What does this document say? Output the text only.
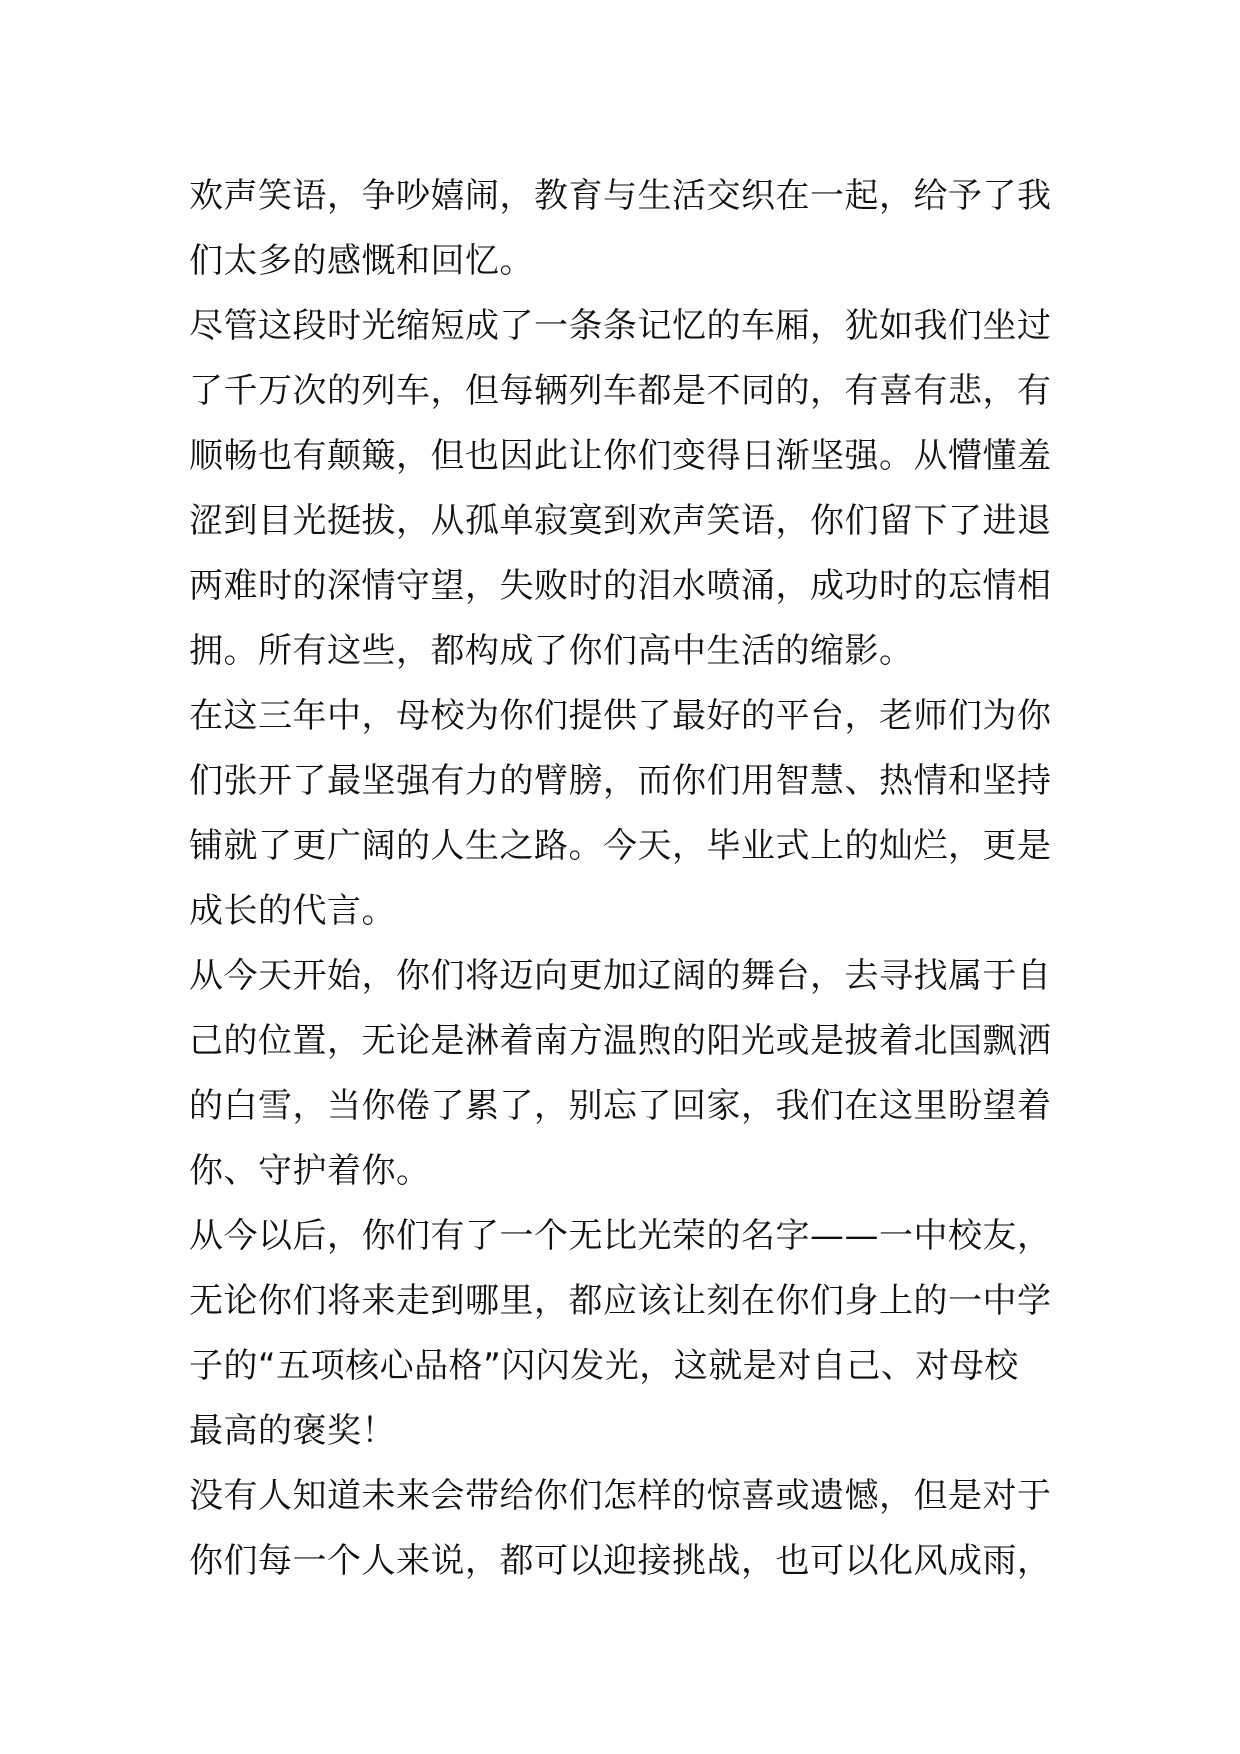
欢声笑语，争吵嬉闹，教育与生活交织在一起，给予了我
们太多的感慨和回忆。
尽管这段时光缩短成了一条条记忆的车厢，犹如我们坐过
了千万次的列车，但每辆列车都是不同的，有喜有悲，有
顺畅也有颠簸，但也因此让你们变得日渐坚强。从懵懂羞
涩到目光挺拔，从孤单寂寞到欢声笑语，你们留下了进退
两难时的深情守望，失败时的泪水喷涌，成功时的忘情相
拥。所有这些，都构成了你们高中生活的缩影。
在这三年中，母校为你们提供了最好的平台，老师们为你
们张开了最坚强有力的臂膀，而你们用智慧、热情和坚持
铺就了更广阔的人生之路。今天，毕业式上的灿烂，更是
成长的代言。
从今天开始，你们将迈向更加辽阔的舞台，去寻找属于自
己的位置，无论是淋着南方温煦的阳光或是披着北国飘洒
的白雪，当你倦了累了，别忘了回家，我们在这里盼望着
你、守护着你。
从今以后，你们有了一个无比光荣的名字——一中校友，
无论你们将来走到哪里，都应该让刻在你们身上的一中学
子的“五项核心品格”闪闪发光，这就是对自己、对母校
最高的褒奖！
没有人知道未来会带给你们怎样的惊喜或遗憾，但是对于
你们每一个人来说，都可以迎接挑战，也可以化风成雨，
